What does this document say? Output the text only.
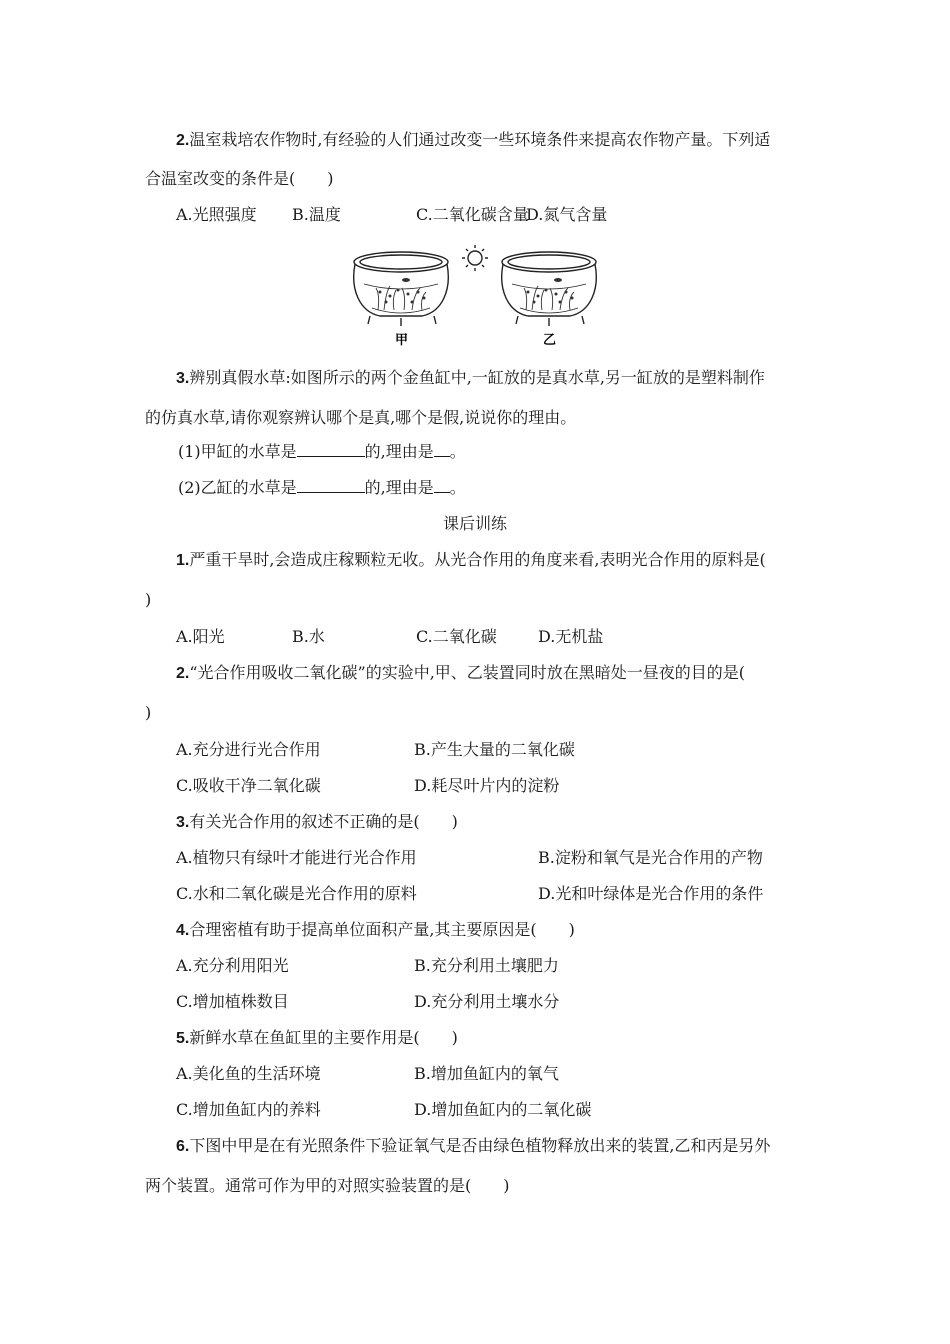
2.温室栽培农作物时,有经验的人们通过改变一些环境条件来提高农作物产量。下列适
合温室改变的条件是(　　)
A.光照强度 B.温度	C.二氧化碳含量
D.氮气含量
甲	乙
3.辨别真假水草:如图所示的两个金鱼缸中,一缸放的是真水草,另一缸放的是塑料制作
的仿真水草,请你观察辨认哪个是真,哪个是假,说说你的理由。
(1)甲缸的水草是	的,理由是 。
(2)乙缸的水草是	的,理由是 。
课后训练
1.严重干旱时,会造成庄稼颗粒无收。从光合作用的角度来看,表明光合作用的原料是(
)
A.阳光	B.水	C.二氧化碳	D.无机盐
2.“光合作用吸收二氧化碳”的实验中,甲、乙装置同时放在黑暗处一昼夜的目的是(
)
A.充分进行光合作用	B.产生大量的二氧化碳
C.吸收干净二氧化碳	D.耗尽叶片内的淀粉
3.有关光合作用的叙述不正确的是(　　)
A.植物只有绿叶才能进行光合作用	B.淀粉和氧气是光合作用的产物
C.水和二氧化碳是光合作用的原料	D.光和叶绿体是光合作用的条件
4.合理密植有助于提高单位面积产量,其主要原因是(　　)
A.充分利用阳光	B.充分利用土壤肥力
C.增加植株数目	D.充分利用土壤水分
5.新鲜水草在鱼缸里的主要作用是(　　)
A.美化鱼的生活环境	B.增加鱼缸内的氧气
C.增加鱼缸内的养料	D.增加鱼缸内的二氧化碳
6.下图中甲是在有光照条件下验证氧气是否由绿色植物释放出来的装置,乙和丙是另外
两个装置。通常可作为甲的对照实验装置的是(　　)
